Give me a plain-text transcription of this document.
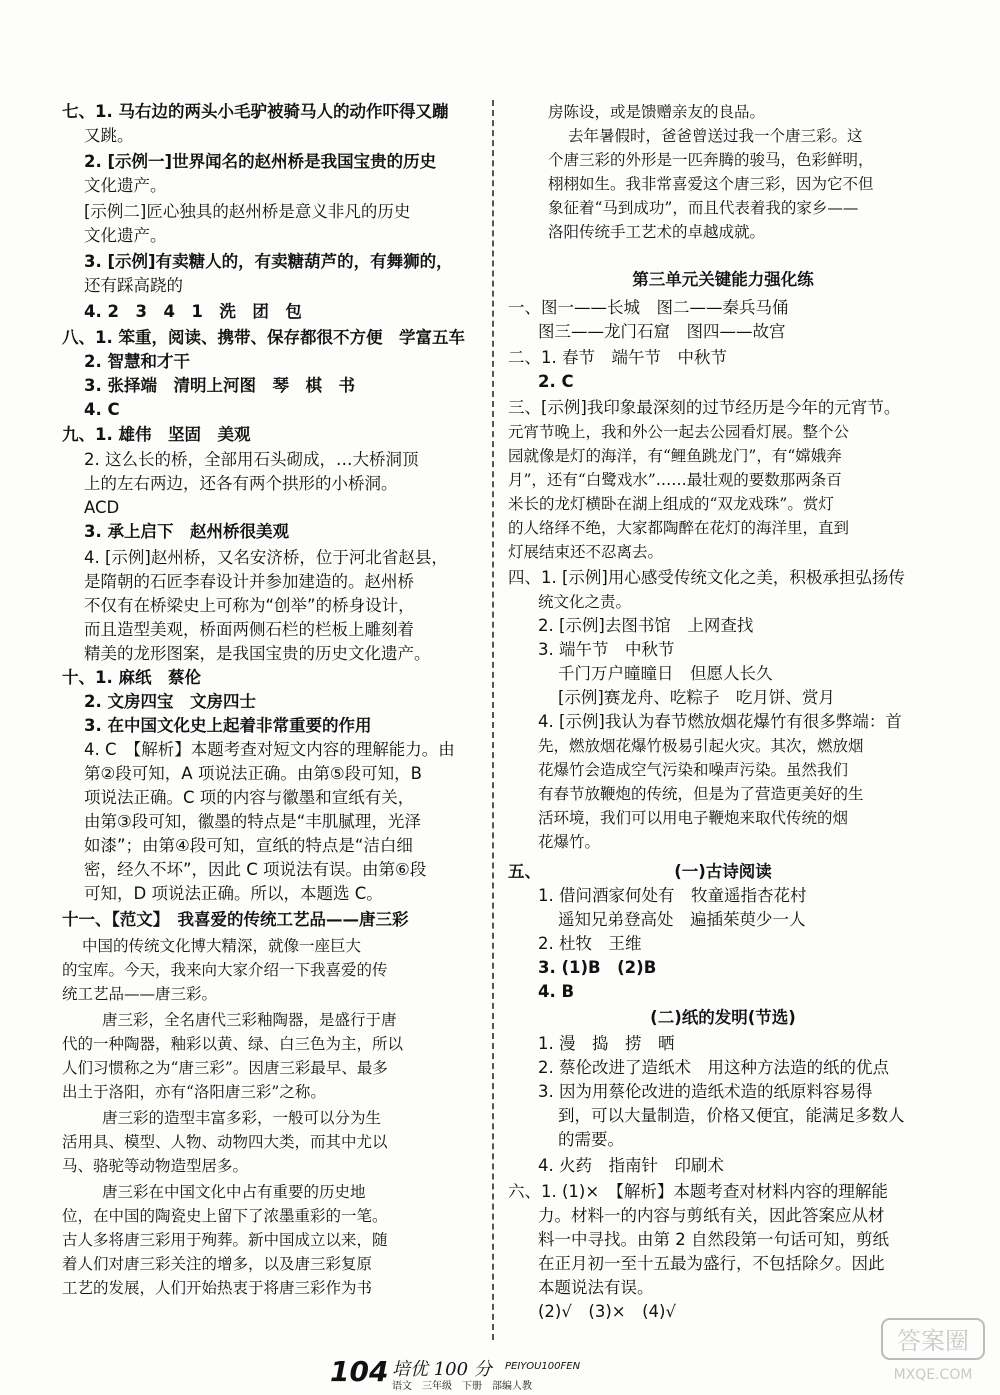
七、1. 马右边的两头小毛驴被骑马人的动作吓得又蹦
又跳。
2. [示例一]世界闻名的赵州桥是我国宝贵的历史
文化遗产。
[示例二]匠心独具的赵州桥是意义非凡的历史
文化遗产。
3. [示例]有卖糖人的，有卖糖葫芦的，有舞狮的，
还有踩高跷的
4. 2　3　4　1　洗　团　包
八、1. 笨重，阅读、携带、保存都很不方便　学富五车
2. 智慧和才干
3. 张择端　清明上河图　琴　棋　书
4. C
九、1. 雄伟　坚固　美观
2. 这么长的桥，全部用石头砌成，…大桥洞顶
上的左右两边，还各有两个拱形的小桥洞。
ACD
3. 承上启下　赵州桥很美观
4. [示例]赵州桥，又名安济桥，位于河北省赵县，
是隋朝的石匠李春设计并参加建造的。赵州桥
不仅有在桥梁史上可称为“创举”的桥身设计，
而且造型美观，桥面两侧石栏的栏板上雕刻着
精美的龙形图案，是我国宝贵的历史文化遗产。
十、1. 麻纸　蔡伦
2. 文房四宝　文房四士
3. 在中国文化史上起着非常重要的作用
4. C　【解析】本题考查对短文内容的理解能力。由
第②段可知，A 项说法正确。由第⑤段可知，B
项说法正确。C 项的内容与徽墨和宣纸有关，
由第③段可知，徽墨的特点是“丰肌腻理，光泽
如漆”；由第④段可知，宣纸的特点是“洁白细
密，经久不坏”，因此 C 项说法有误。由第⑥段
可知，D 项说法正确。所以，本题选 C。
十一、【范文】　我喜爱的传统工艺品——唐三彩
中国的传统文化博大精深，就像一座巨大
的宝库。今天，我来向大家介绍一下我喜爱的传
统工艺品——唐三彩。
唐三彩，全名唐代三彩釉陶器，是盛行于唐
代的一种陶器，釉彩以黄、绿、白三色为主，所以
人们习惯称之为“唐三彩”。因唐三彩最早、最多
出土于洛阳，亦有“洛阳唐三彩”之称。
唐三彩的造型丰富多彩，一般可以分为生
活用具、模型、人物、动物四大类，而其中尤以
马、骆驼等动物造型居多。
唐三彩在中国文化中占有重要的历史地
位，在中国的陶瓷史上留下了浓墨重彩的一笔。
古人多将唐三彩用于殉葬。新中国成立以来，随
着人们对唐三彩关注的增多，以及唐三彩复原
工艺的发展，人们开始热衷于将唐三彩作为书
房陈设，或是馈赠亲友的良品。
去年暑假时，爸爸曾送过我一个唐三彩。这
个唐三彩的外形是一匹奔腾的骏马，色彩鲜明，
栩栩如生。我非常喜爱这个唐三彩，因为它不但
象征着“马到成功”，而且代表着我的家乡——
洛阳传统手工艺术的卓越成就。
第三单元关键能力强化练
一、图一——长城　图二——秦兵马俑
图三——龙门石窟　图四——故宫
二、1. 春节　端午节　中秋节
2. C
三、[示例]我印象最深刻的过节经历是今年的元宵节。
元宵节晚上，我和外公一起去公园看灯展。整个公
园就像是灯的海洋，有“鲤鱼跳龙门”，有“嫦娥奔
月”，还有“白鹭戏水”……最壮观的要数那两条百
米长的龙灯横卧在湖上组成的“双龙戏珠”。赏灯
的人络绎不绝，大家都陶醉在花灯的海洋里，直到
灯展结束还不忍离去。
四、1. [示例]用心感受传统文化之美，积极承担弘扬传
统文化之责。
2. [示例]去图书馆　上网查找
3. 端午节　中秋节
千门万户曈曈日　但愿人长久
[示例]赛龙舟、吃粽子　吃月饼、赏月
4. [示例]我认为春节燃放烟花爆竹有很多弊端：首
先，燃放烟花爆竹极易引起火灾。其次，燃放烟
花爆竹会造成空气污染和噪声污染。虽然我们
有春节放鞭炮的传统，但是为了营造更美好的生
活环境，我们可以用电子鞭炮来取代传统的烟
花爆竹。
五、	(一)古诗阅读
1. 借问酒家何处有　牧童遥指杏花村
遥知兄弟登高处　遍插茱萸少一人
2. 杜牧　王维
3. (1)B　(2)B
4. B
(二)纸的发明(节选)
1. 漫　捣　捞　晒
2. 蔡伦改进了造纸术　用这种方法造的纸的优点
3. 因为用蔡伦改进的造纸术造的纸原料容易得
到，可以大量制造，价格又便宜，能满足多数人
的需要。
4. 火药　指南针　印刷术
六、1. (1)×　【解析】本题考查对材料内容的理解能
力。材料一的内容与剪纸有关，因此答案应从材
料一中寻找。由第 2 自然段第一句话可知，剪纸
在正月初一至十五最为盛行，不包括除夕。因此
本题说法有误。
(2)√　(3)×　(4)√
104 培优 100 分 PEIYOU100FEN
语文　三年级　下册　部编人教
答案圈
MXQE.COM
